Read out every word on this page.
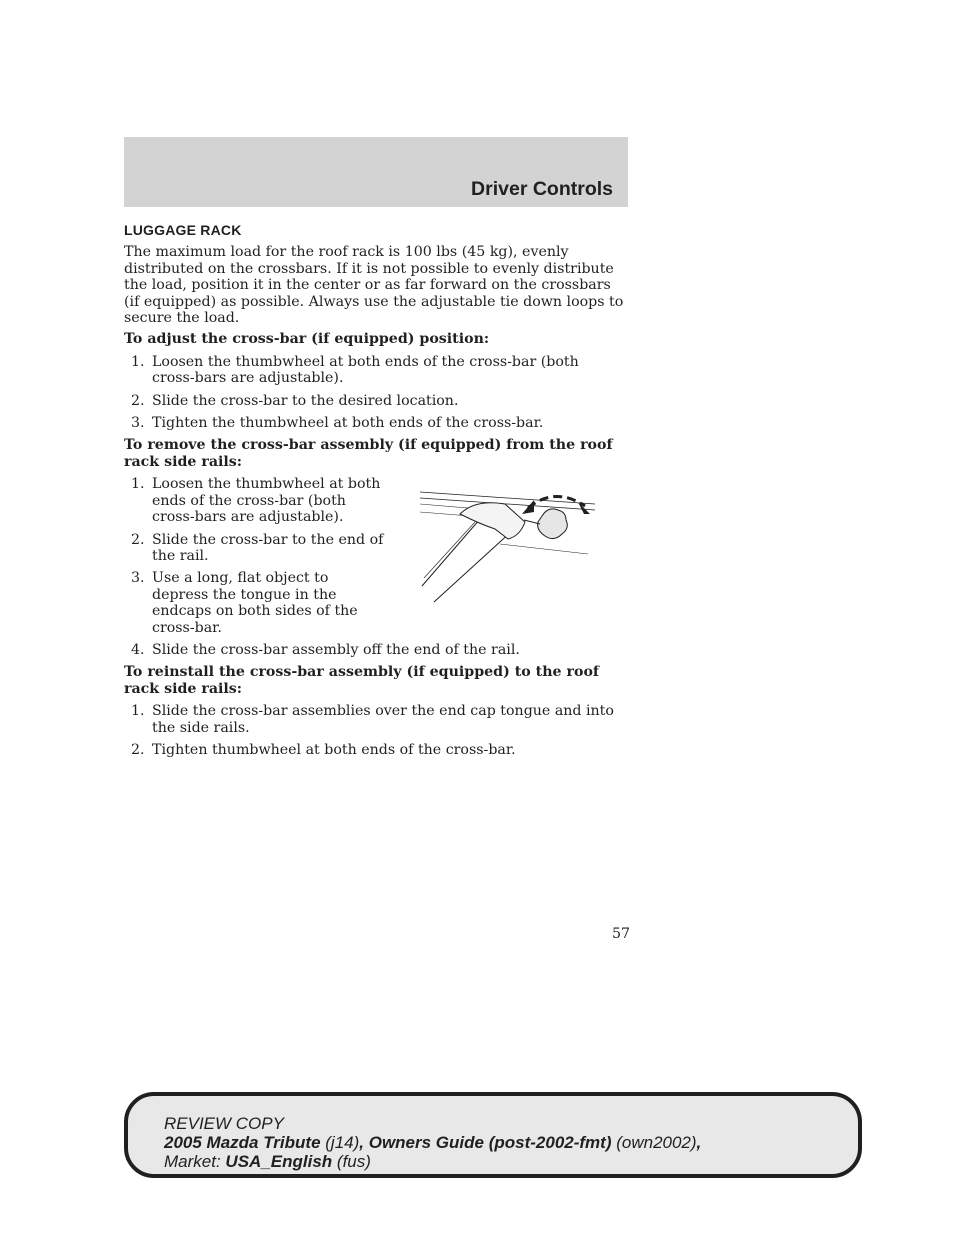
Driver Controls
LUGGAGE RACK

The maximum load for the roof rack is 100 lbs (45 kg), evenly distributed on the crossbars. If it is not possible to evenly distribute the load, position it in the center or as far forward on the crossbars (if equipped) as possible. Always use the adjustable tie down loops to secure the load.

To adjust the cross-bar (if equipped) position:

1. Loosen the thumbwheel at both ends of the cross-bar (both cross-bars are adjustable).
2. Slide the cross-bar to the desired location.
3. Tighten the thumbwheel at both ends of the cross-bar.

To remove the cross-bar assembly (if equipped) from the roof rack side rails:

1. Loosen the thumbwheel at both ends of the cross-bar (both cross-bars are adjustable).
2. Slide the cross-bar to the end of the rail.
3. Use a long, flat object to depress the tongue in the endcaps on both sides of the cross-bar.
4. Slide the cross-bar assembly off the end of the rail.

To reinstall the cross-bar assembly (if equipped) to the roof rack side rails:

1. Slide the cross-bar assemblies over the end cap tongue and into the side rails.
2. Tighten thumbwheel at both ends of the cross-bar.
57
REVIEW COPY
2005 Mazda Tribute (j14), Owners Guide (post-2002-fmt) (own2002),
Market: USA_English (fus)
